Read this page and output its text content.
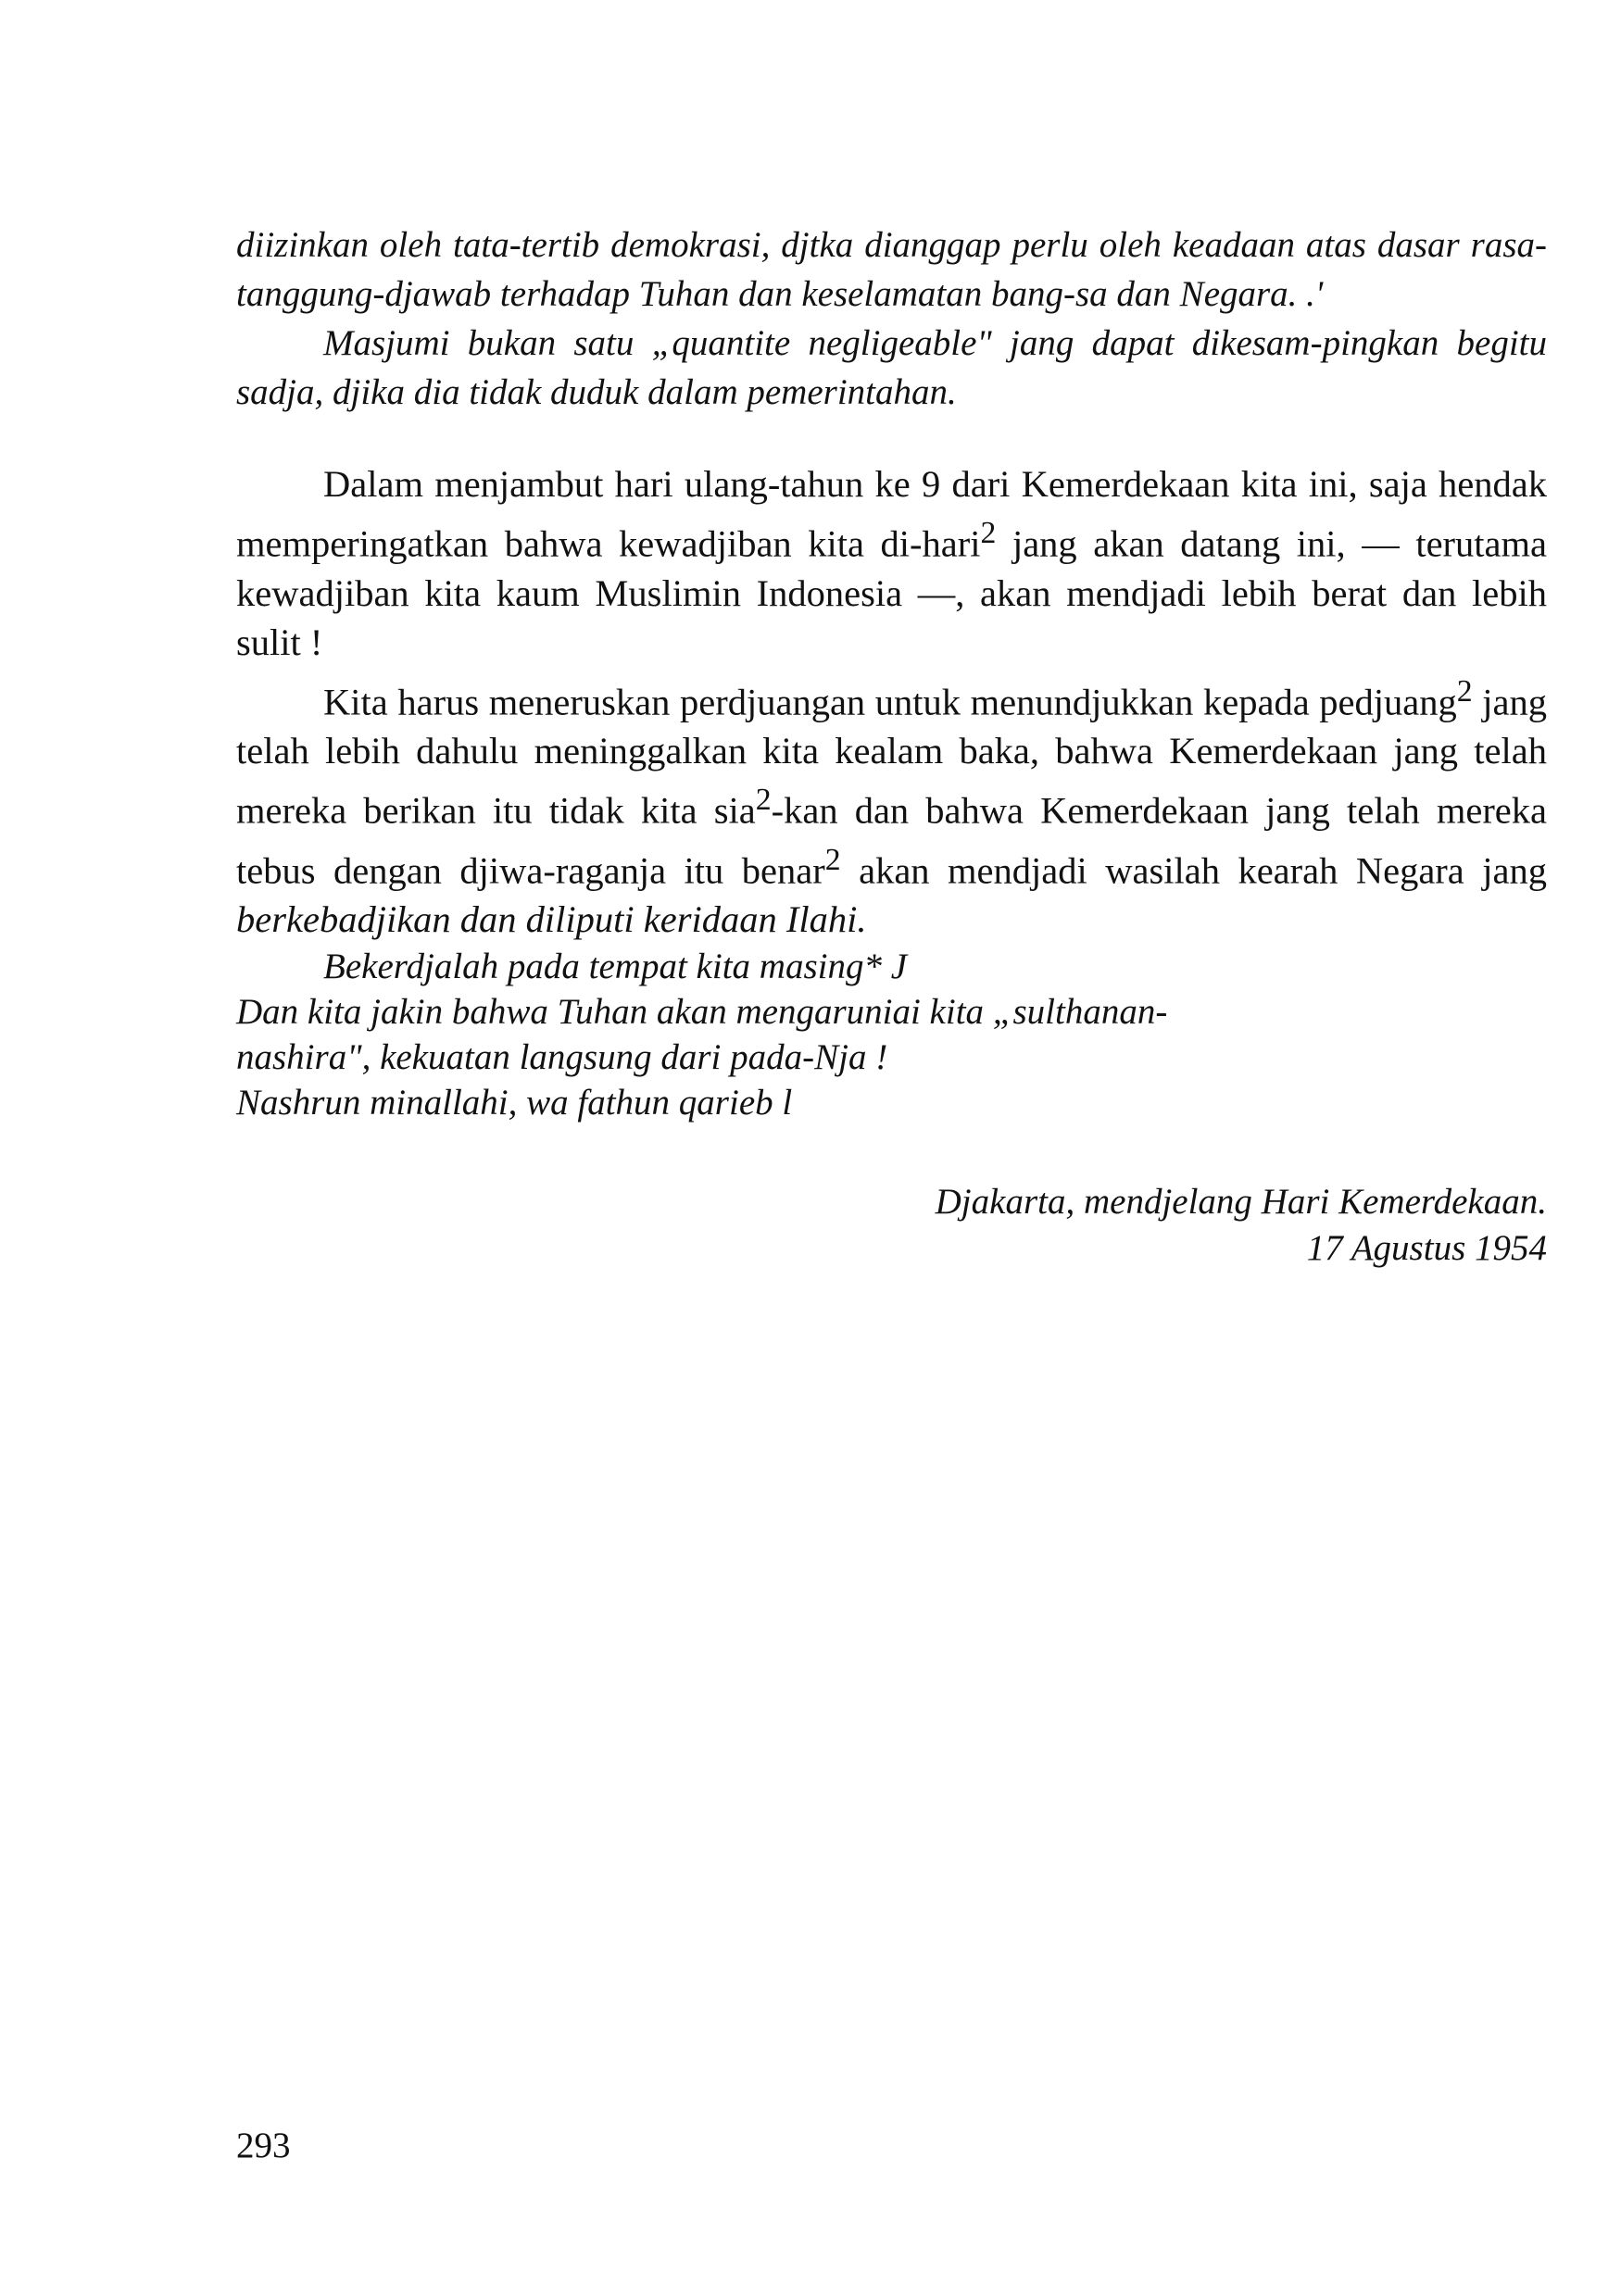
diizinkan oleh tata-tertib demokrasi, djtka dianggap perlu oleh keadaan atas dasar rasa-tanggung-djawab terhadap Tuhan dan keselamatan bang-sa dan Negara. .'

Masjumi bukan satu „quantite negligeable" jang dapat dikesam-pingkan begitu sadja, djika dia tidak duduk dalam pemerintahan.

Dalam menjambut hari ulang-tahun ke 9 dari Kemerdekaan kita ini, saja hendak memperingatkan bahwa kewadjiban kita di-hari$^2$ jang akan datang ini, — terutama kewadjiban kita kaum Muslimin Indonesia —, akan mendjadi lebih berat dan lebih sulit !

Kita harus meneruskan perdjuangan untuk menundjukkan kepada pedjuang$^2$ jang telah lebih dahulu meninggalkan kita kealam baka, bahwa Kemerdekaan jang telah mereka berikan itu tidak kita sia$^2$-kan dan bahwa Kemerdekaan jang telah mereka tebus dengan djiwa-raganja itu benar$^2$ akan mendjadi wasilah kearah Negara jang berkebadjikan dan diliputi keridaan Ilahi.

Bekerdjalah pada tempat kita masing* J

Dan kita jakin bahwa Tuhan akan mengaruniai kita „sulthanan-

nashira", kekuatan langsung dari pada-Nja !

Nashrun minallahi, wa fathun qarieb l

Djakarta, mendjelang Hari Kemerdekaan.
17 Agustus 1954
293
